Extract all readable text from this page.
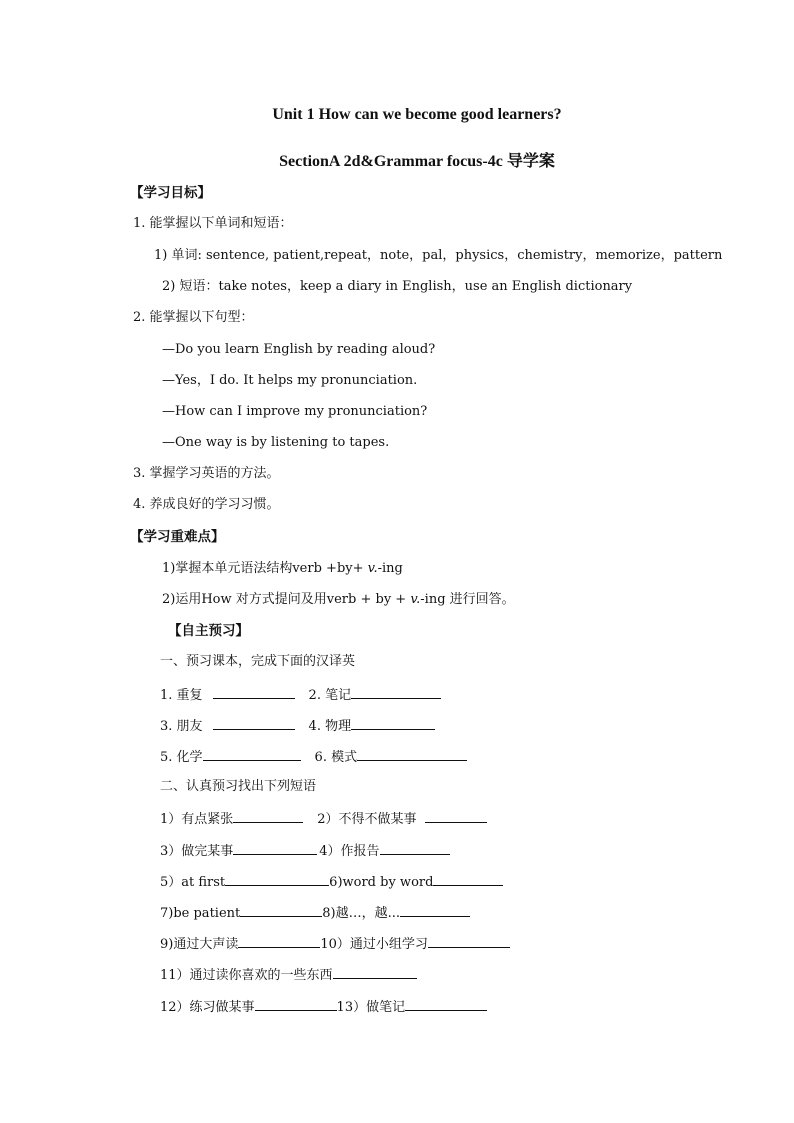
Unit 1 How can we become good learners?
SectionA 2d&Grammar focus-4c 导学案
【学习目标】
1. 能掌握以下单词和短语：
1) 单词: sentence, patient,repeat，note，pal，physics，chemistry，memorize，pattern
2) 短语：take notes，keep a diary in English，use an English dictionary
2. 能掌握以下句型：
—Do you learn English by reading aloud?
—Yes，I do. It helps my pronunciation.
—How can I improve my pronunciation?
—One way is by listening to tapes.
3. 掌握学习英语的方法。
4. 养成良好的学习习惯。
【学习重难点】
1)掌握本单元语法结构verb +by+ v.-ing
2)运用How 对方式提问及用verb + by + v.-ing 进行回答。
【自主预习】
一、预习课本，完成下面的汉译英
1. 重复	2. 笔记
3. 朋友	4. 物理
5. 化学	6. 模式
二、认真预习找出下列短语
1）有点紧张	2）不得不做某事
3）做完某事	4）作报告
5）at first	6)word by word
7)be patient	8)越…，越...
9)通过大声读	10）通过小组学习
11）通过读你喜欢的一些东西
12）练习做某事	13）做笔记
